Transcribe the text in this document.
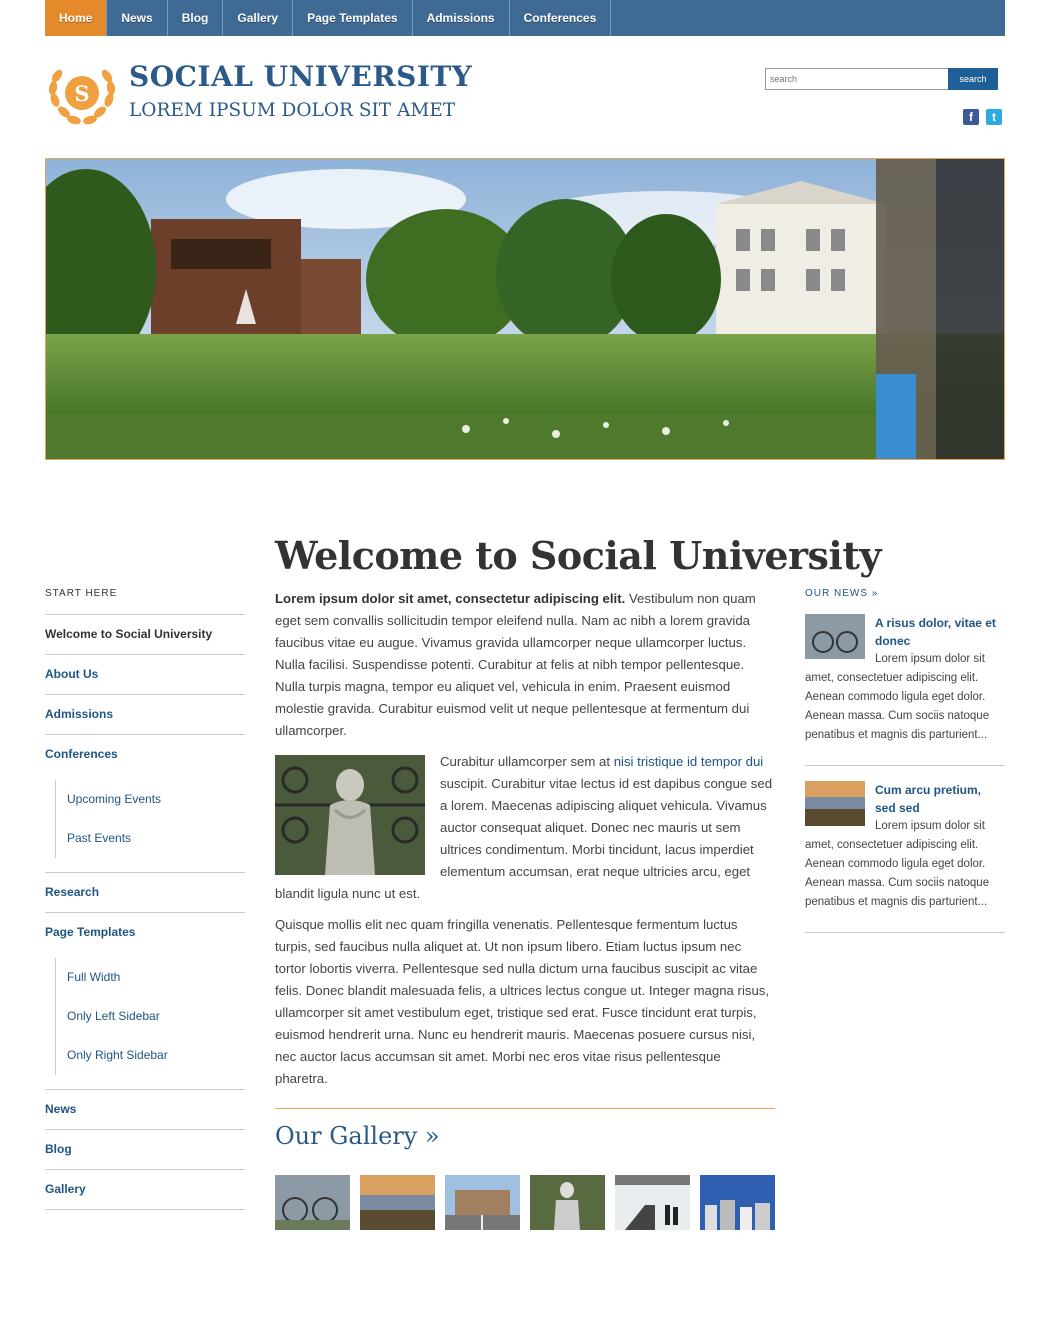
Home	News	Blog	Gallery	Page Templates	Admissions	Conferences
S
SOCIAL UNIVERSITY
LOREM IPSUM DOLOR SIT AMET
search
search
f	t
Welcome to Social University
START HERE
Welcome to Social University
About Us
Admissions
Conferences
Upcoming Events
Past Events
Research
Page Templates
Full Width
Only Left Sidebar
Only Right Sidebar
News
Blog
Gallery

Lorem ipsum dolor sit amet, consectetur adipiscing elit. Vestibulum non quam eget sem convallis sollicitudin tempor eleifend nulla. Nam ac nibh a lorem gravida faucibus vitae eu augue. Vivamus gravida ullamcorper neque ullamcorper luctus. Nulla facilisi. Suspendisse potenti. Curabitur at felis at nibh tempor pellentesque. Nulla turpis magna, tempor eu aliquet vel, vehicula in enim. Praesent euismod molestie gravida. Curabitur euismod velit ut neque pellentesque at fermentum dui ullamcorper.

Curabitur ullamcorper sem at nisi tristique id tempor dui suscipit. Curabitur vitae lectus id est dapibus congue sed a lorem. Maecenas adipiscing aliquet vehicula. Vivamus auctor consequat aliquet. Donec nec mauris ut sem ultrices condimentum. Morbi tincidunt, lacus imperdiet elementum accumsan, erat neque ultricies arcu, eget blandit ligula nunc ut est.

Quisque mollis elit nec quam fringilla venenatis. Pellentesque fermentum luctus turpis, sed faucibus nulla aliquet at. Ut non ipsum libero. Etiam luctus ipsum nec tortor lobortis viverra. Pellentesque sed nulla dictum urna faucibus suscipit ac vitae felis. Donec blandit malesuada felis, a ultrices lectus congue ut. Integer magna risus, ullamcorper sit amet vestibulum eget, tristique sed erat. Fusce tincidunt erat turpis, euismod hendrerit urna. Nunc eu hendrerit mauris. Maecenas posuere cursus nisi, nec auctor lacus accumsan sit amet. Morbi nec eros vitae risus pellentesque pharetra.

Our Gallery »
OUR NEWS »
A risus dolor, vitae et donec
Lorem ipsum dolor sit amet, consectetuer adipiscing elit. Aenean commodo ligula eget dolor. Aenean massa. Cum sociis natoque penatibus et magnis dis parturient...
Cum arcu pretium, sed sed
Lorem ipsum dolor sit amet, consectetuer adipiscing elit. Aenean commodo ligula eget dolor. Aenean massa. Cum sociis natoque penatibus et magnis dis parturient...
